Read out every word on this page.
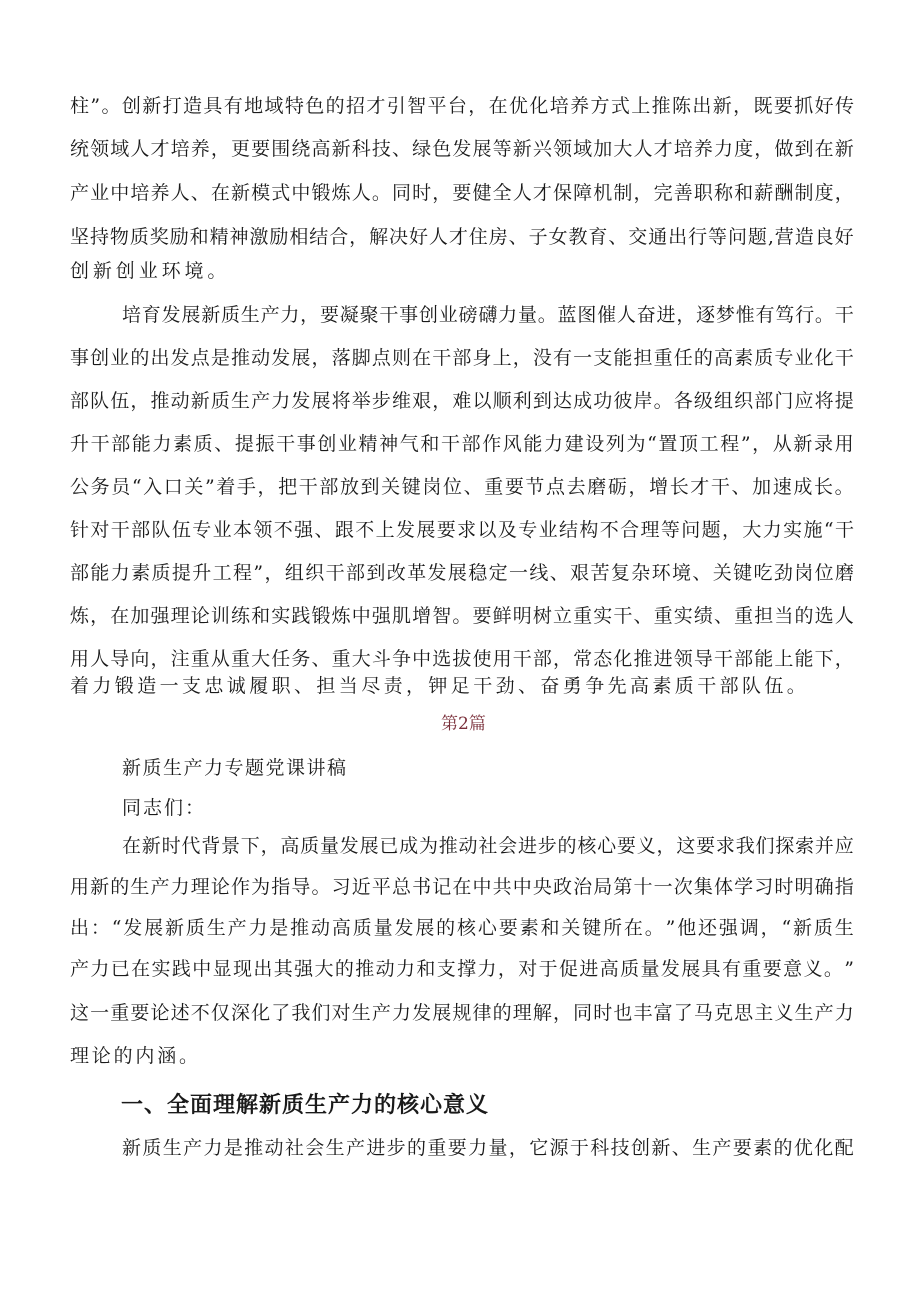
柱 ” 。 创 新 打 造 具 有 地 域 特 色 的 招 才 引 智 平 台 ， 在 优 化 培 养 方 式 上 推 陈 出 新 ， 既 要 抓 好 传
统 领 域 人 才 培 养 ， 更 要 围 绕 高 新 科 技 、 绿 色 发 展 等 新 兴 领 域 加 大 人 才 培 养 力 度 ， 做 到 在 新
产 业 中 培 养 人 、 在 新 模 式 中 锻 炼 人 。 同 时 ， 要 健 全 人 才 保 障 机 制 ， 完 善 职 称 和 薪 酬 制 度 ，
坚 持 物 质 奖 励 和 精 神 激 励 相 结 合 ， 解 决 好 人 才 住 房 、 子 女 教 育 、 交 通 出 行 等 问 题 , 营 造 良 好
创新创业环境。
培 育 发 展 新 质 生 产 力 ， 要 凝 聚 干 事 创 业 磅 礴 力 量 。 蓝 图 催 人 奋 进 ， 逐 梦 惟 有 笃 行 。 干
事 创 业 的 出 发 点 是 推 动 发 展 ， 落 脚 点 则 在 干 部 身 上 ， 没 有 一 支 能 担 重 任 的 高 素 质 专 业 化 干
部 队 伍 ， 推 动 新 质 生 产 力 发 展 将 举 步 维 艰 ， 难 以 顺 利 到 达 成 功 彼 岸 。 各 级 组 织 部 门 应 将 提
升 干 部 能 力 素 质 、 提 振 干 事 创 业 精 神 气 和 干 部 作 风 能 力 建 设 列 为 “ 置 顶 工 程 ” ， 从 新 录 用
公 务 员 “ 入 口 关 ” 着 手 ， 把 干 部 放 到 关 键 岗 位 、 重 要 节 点 去 磨 砺 ， 增 长 才 干 、 加 速 成 长 。
针 对 干 部 队 伍 专 业 本 领 不 强 、 跟 不 上 发 展 要 求 以 及 专 业 结 构 不 合 理 等 问 题 ， 大 力 实 施 “ 干
部 能 力 素 质 提 升 工 程 ” ， 组 织 干 部 到 改 革 发 展 稳 定 一 线 、 艰 苦 复 杂 环 境 、 关 键 吃 劲 岗 位 磨
炼 ， 在 加 强 理 论 训 练 和 实 践 锻 炼 中 强 肌 增 智 。 要 鲜 明 树 立 重 实 干 、 重 实 绩 、 重 担 当 的 选 人
用 人 导 向 ， 注 重 从 重 大 任 务 、 重 大 斗 争 中 选 拔 使 用 干 部 ， 常 态 化 推 进 领 导 干 部 能 上 能 下 ，
着力锻造一支忠诚履职、担当尽责，钾足干劲、奋勇争先高素质干部队伍。
第2篇
新质生产力专题党课讲稿
同志们：
在 新 时 代 背 景 下 ， 高 质 量 发 展 已 成 为 推 动 社 会 进 步 的 核 心 要 义 ， 这 要 求 我 们 探 索 并 应
用 新 的 生 产 力 理 论 作 为 指 导 。 习 近 平 总 书 记 在 中 共 中 央 政 治 局 第 十 一 次 集 体 学 习 时 明 确 指
出 ： “ 发 展 新 质 生 产 力 是 推 动 高 质 量 发 展 的 核 心 要 素 和 关 键 所 在 。 ” 他 还 强 调 ， “ 新 质 生
产 力 已 在 实 践 中 显 现 出 其 强 大 的 推 动 力 和 支 撑 力 ， 对 于 促 进 高 质 量 发 展 具 有 重 要 意 义 。 ”
这 一 重 要 论 述 不 仅 深 化 了 我 们 对 生 产 力 发 展 规 律 的 理 解 ， 同 时 也 丰 富 了 马 克 思 主 义 生 产 力
理论的内涵。
一、全面理解新质生产力的核心意义
新 质 生 产 力 是 推 动 社 会 生 产 进 步 的 重 要 力 量 ， 它 源 于 科 技 创 新 、 生 产 要 素 的 优 化 配
